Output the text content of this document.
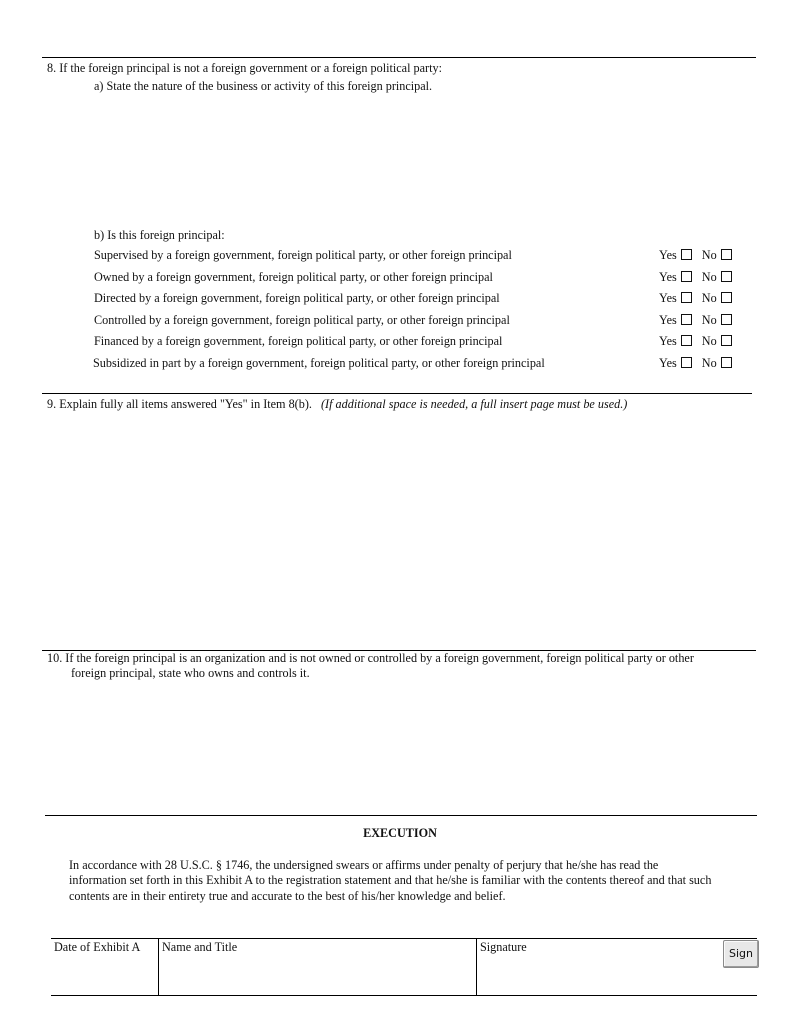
8. If the foreign principal is not a foreign government or a foreign political party:
a) State the nature of the business or activity of this foreign principal.
b) Is this foreign principal:
Supervised by a foreign government, foreign political party, or other foreign principal	Yes No
Owned by a foreign government, foreign political party, or other foreign principal	Yes No
Directed by a foreign government, foreign political party, or other foreign principal	Yes No
Controlled by a foreign government, foreign political party, or other foreign principal	Yes No
Financed by a foreign government, foreign political party, or other foreign principal	Yes No
Subsidized in part by a foreign government, foreign political party, or other foreign principal	Yes No
9. Explain fully all items answered "Yes" in Item 8(b). (If additional space is needed, a full insert page must be used.)
10. If the foreign principal is an organization and is not owned or controlled by a foreign government, foreign political party or other
foreign principal, state who owns and controls it.
EXECUTION
In accordance with 28 U.S.C. § 1746, the undersigned swears or affirms under penalty of perjury that he/she has read the
information set forth in this Exhibit A to the registration statement and that he/she is familiar with the contents thereof and that such
contents are in their entirety true and accurate to the best of his/her knowledge and belief.
Date of Exhibit A Name and Title	Signature	Sign
